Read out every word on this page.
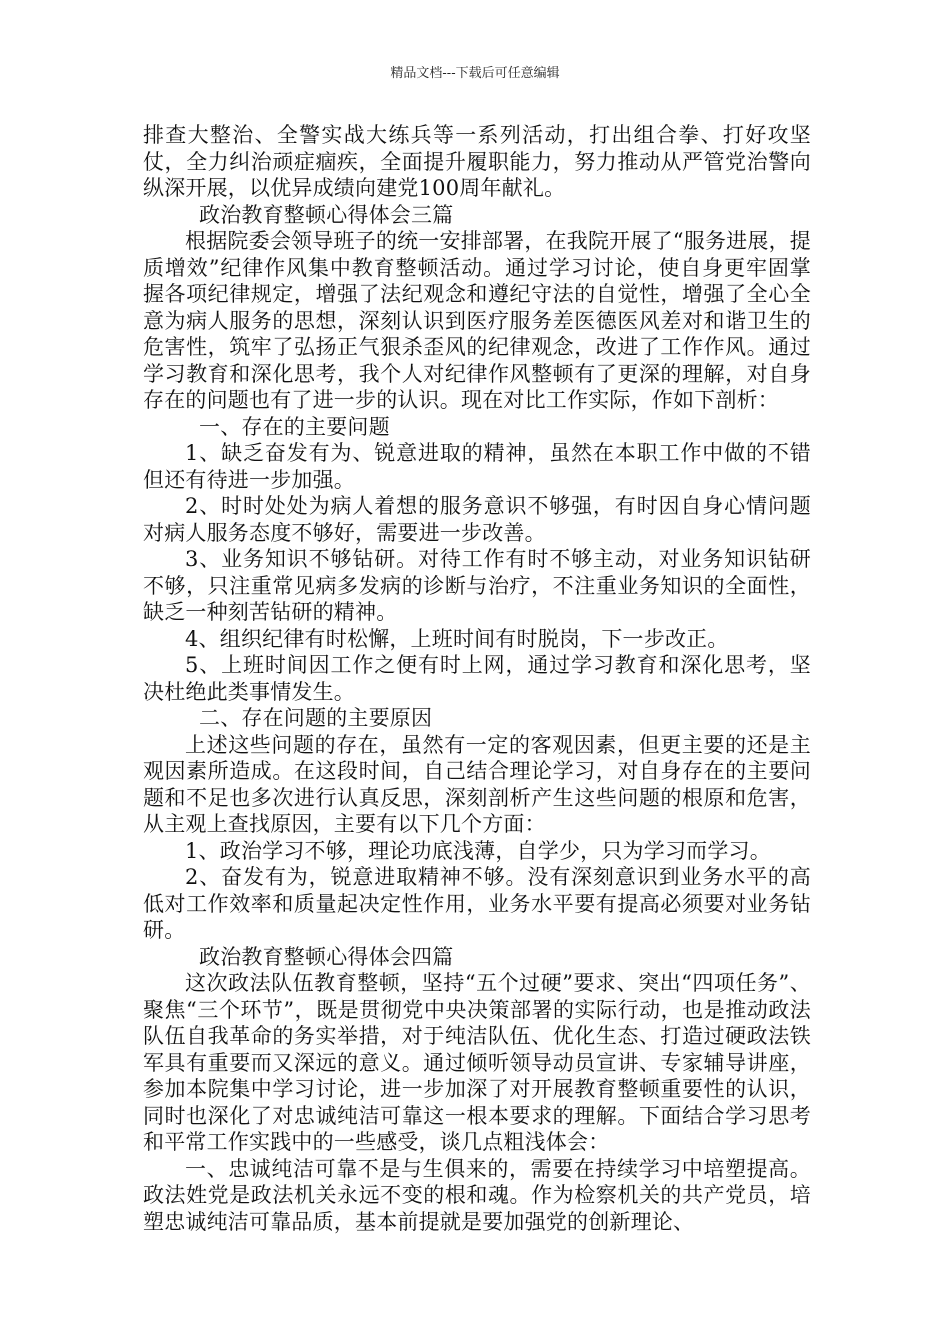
精品文档---下载后可任意编辑

排查大整治、全警实战大练兵等一系列活动，打出组合拳、打好攻坚仗，全力纠治顽症痼疾，全面提升履职能力，努力推动从严管党治警向纵深开展，以优异成绩向建党100周年献礼。

政治教育整顿心得体会三篇

根据院委会领导班子的统一安排部署，在我院开展了“服务进展，提质增效”纪律作风集中教育整顿活动。通过学习讨论，使自身更牢固掌握各项纪律规定，增强了法纪观念和遵纪守法的自觉性，增强了全心全意为病人服务的思想，深刻认识到医疗服务差医德医风差对和谐卫生的危害性，筑牢了弘扬正气狠杀歪风的纪律观念，改进了工作作风。通过学习教育和深化思考，我个人对纪律作风整顿有了更深的理解，对自身存在的问题也有了进一步的认识。现在对比工作实际，作如下剖析：

一、存在的主要问题

1、缺乏奋发有为、锐意进取的精神，虽然在本职工作中做的不错但还有待进一步加强。

2、时时处处为病人着想的服务意识不够强，有时因自身心情问题对病人服务态度不够好，需要进一步改善。

3、业务知识不够钻研。对待工作有时不够主动，对业务知识钻研不够，只注重常见病多发病的诊断与治疗，不注重业务知识的全面性，缺乏一种刻苦钻研的精神。

4、组织纪律有时松懈，上班时间有时脱岗，下一步改正。

5、上班时间因工作之便有时上网，通过学习教育和深化思考，坚决杜绝此类事情发生。

二、存在问题的主要原因

上述这些问题的存在，虽然有一定的客观因素，但更主要的还是主观因素所造成。在这段时间，自己结合理论学习，对自身存在的主要问题和不足也多次进行认真反思，深刻剖析产生这些问题的根原和危害，从主观上查找原因，主要有以下几个方面：

1、政治学习不够，理论功底浅薄，自学少，只为学习而学习。

2、奋发有为，锐意进取精神不够。没有深刻意识到业务水平的高低对工作效率和质量起决定性作用，业务水平要有提高必须要对业务钻研。

政治教育整顿心得体会四篇

这次政法队伍教育整顿，坚持“五个过硬”要求、突出“四项任务”、聚焦“三个环节”，既是贯彻党中央决策部署的实际行动，也是推动政法队伍自我革命的务实举措，对于纯洁队伍、优化生态、打造过硬政法铁军具有重要而又深远的意义。通过倾听领导动员宣讲、专家辅导讲座，参加本院集中学习讨论，进一步加深了对开展教育整顿重要性的认识，同时也深化了对忠诚纯洁可靠这一根本要求的理解。下面结合学习思考和平常工作实践中的一些感受，谈几点粗浅体会：

一、忠诚纯洁可靠不是与生俱来的，需要在持续学习中培塑提高。政法姓党是政法机关永远不变的根和魂。作为检察机关的共产党员，培塑忠诚纯洁可靠品质，基本前提就是要加强党的创新理论、
